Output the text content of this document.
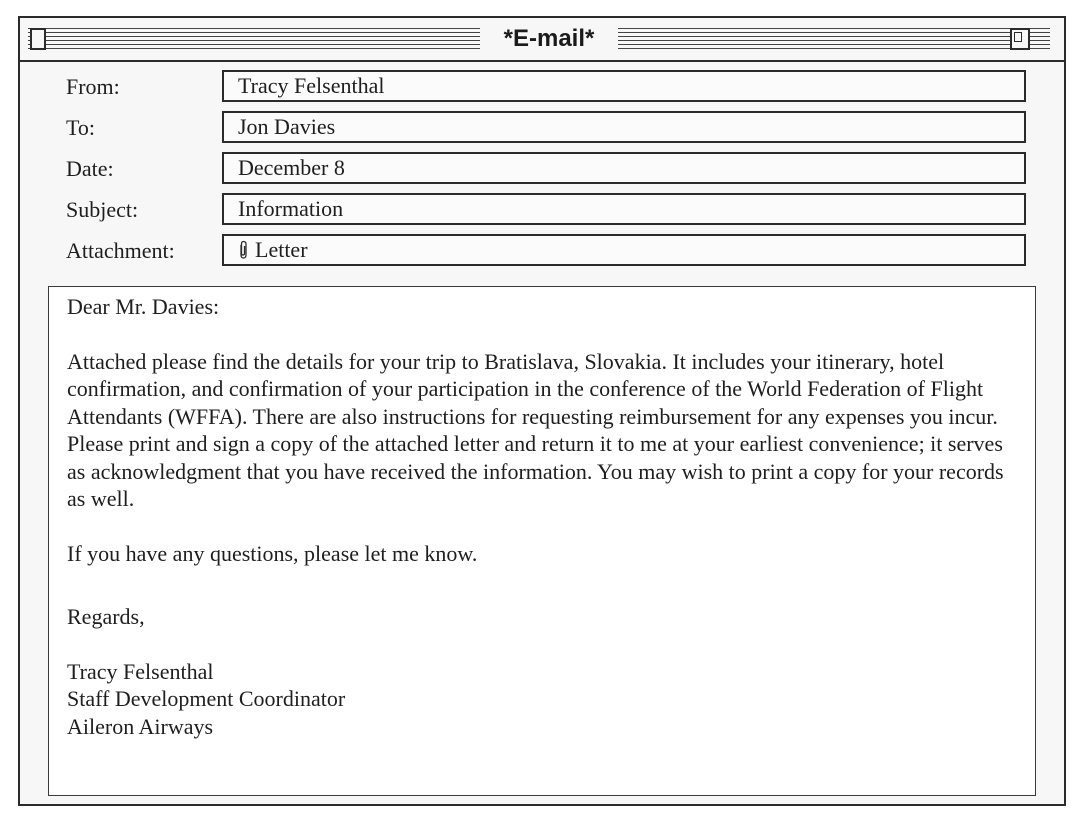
*E-mail*
From:	Tracy Felsenthal
To:	Jon Davies
Date:	December 8
Subject:	Information
Attachment:	Letter

Dear Mr. Davies:

Attached please find the details for your trip to Bratislava, Slovakia. It includes your itinerary, hotel confirmation, and confirmation of your participation in the conference of the World Federation of Flight Attendants (WFFA). There are also instructions for requesting reimbursement for any expenses you incur. Please print and sign a copy of the attached letter and return it to me at your earliest convenience; it serves as acknowledgment that you have received the information. You may wish to print a copy for your records as well.

If you have any questions, please let me know.

Regards,

Tracy Felsenthal

Staff Development Coordinator

Aileron Airways
